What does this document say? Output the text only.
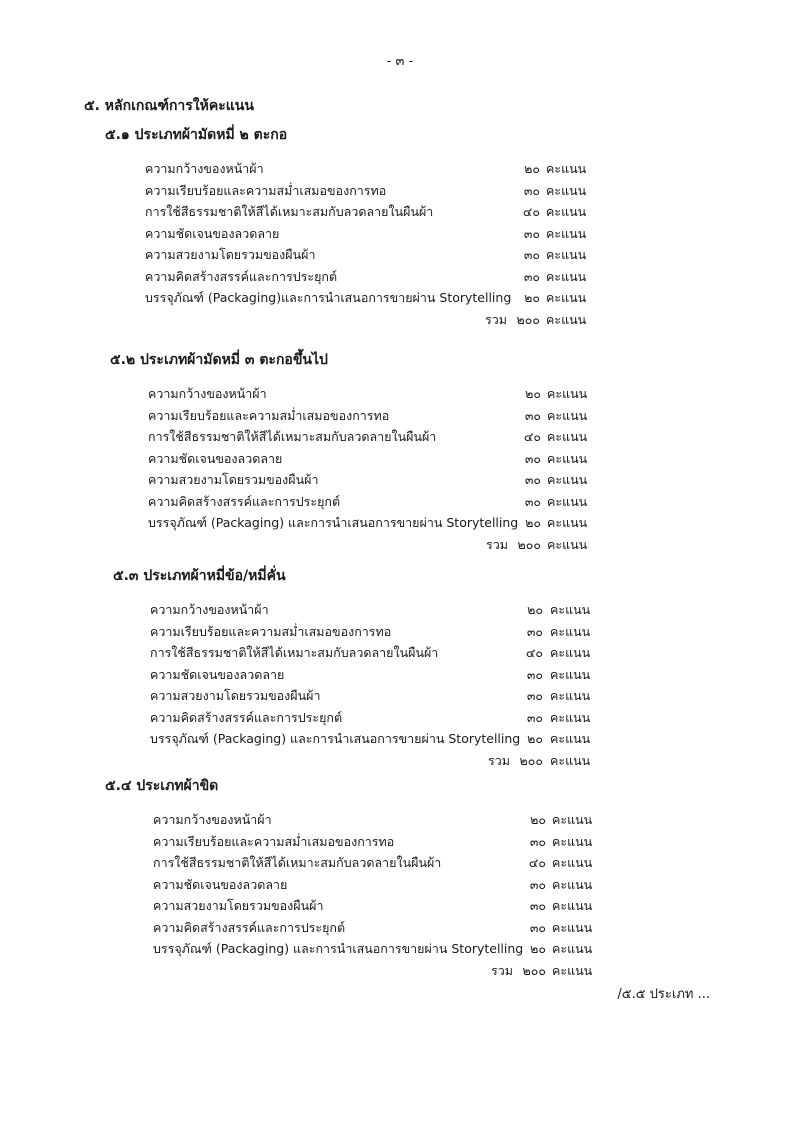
- ๓ -
๕. หลักเกณฑ์การให้คะแนน
๕.๑ ประเภทผ้ามัดหมี่ ๒ ตะกอ
ความกว้างของหน้าผ้า	๒๐ คะแนน
ความเรียบร้อยและความสม่ำเสมอของการทอ	๓๐ คะแนน
การใช้สีธรรมชาติให้สีได้เหมาะสมกับลวดลายในผืนผ้า	๔๐ คะแนน
ความชัดเจนของลวดลาย	๓๐ คะแนน
ความสวยงามโดยรวมของผืนผ้า	๓๐ คะแนน
ความคิดสร้างสรรค์และการประยุกต์	๓๐ คะแนน
บรรจุภัณฑ์ (Packaging)และการนำเสนอการขายผ่าน Storytelling	๒๐ คะแนน
รวม ๒๐๐ คะแนน
๕.๒ ประเภทผ้ามัดหมี่ ๓ ตะกอขึ้นไป
ความกว้างของหน้าผ้า	๒๐ คะแนน
ความเรียบร้อยและความสม่ำเสมอของการทอ	๓๐ คะแนน
การใช้สีธรรมชาติให้สีได้เหมาะสมกับลวดลายในผืนผ้า	๔๐ คะแนน
ความชัดเจนของลวดลาย	๓๐ คะแนน
ความสวยงามโดยรวมของผืนผ้า	๓๐ คะแนน
ความคิดสร้างสรรค์และการประยุกต์	๓๐ คะแนน
บรรจุภัณฑ์ (Packaging) และการนำเสนอการขายผ่าน Storytelling ๒๐ คะแนน
รวม ๒๐๐ คะแนน
๕.๓ ประเภทผ้าหมี่ข้อ/หมี่คั่น
ความกว้างของหน้าผ้า	๒๐ คะแนน
ความเรียบร้อยและความสม่ำเสมอของการทอ	๓๐ คะแนน
การใช้สีธรรมชาติให้สีได้เหมาะสมกับลวดลายในผืนผ้า	๔๐ คะแนน
ความชัดเจนของลวดลาย	๓๐ คะแนน
ความสวยงามโดยรวมของผืนผ้า	๓๐ คะแนน
ความคิดสร้างสรรค์และการประยุกต์	๓๐ คะแนน
บรรจุภัณฑ์ (Packaging) และการนำเสนอการขายผ่าน Storytelling ๒๐ คะแนน
รวม ๒๐๐ คะแนน
๕.๔ ประเภทผ้าขิด
ความกว้างของหน้าผ้า	๒๐ คะแนน
ความเรียบร้อยและความสม่ำเสมอของการทอ	๓๐ คะแนน
การใช้สีธรรมชาติให้สีได้เหมาะสมกับลวดลายในผืนผ้า	๔๐ คะแนน
ความชัดเจนของลวดลาย	๓๐ คะแนน
ความสวยงามโดยรวมของผืนผ้า	๓๐ คะแนน
ความคิดสร้างสรรค์และการประยุกต์	๓๐ คะแนน
บรรจุภัณฑ์ (Packaging) และการนำเสนอการขายผ่าน Storytelling ๒๐ คะแนน
รวม ๒๐๐ คะแนน
/๕.๕ ประเภท ...
